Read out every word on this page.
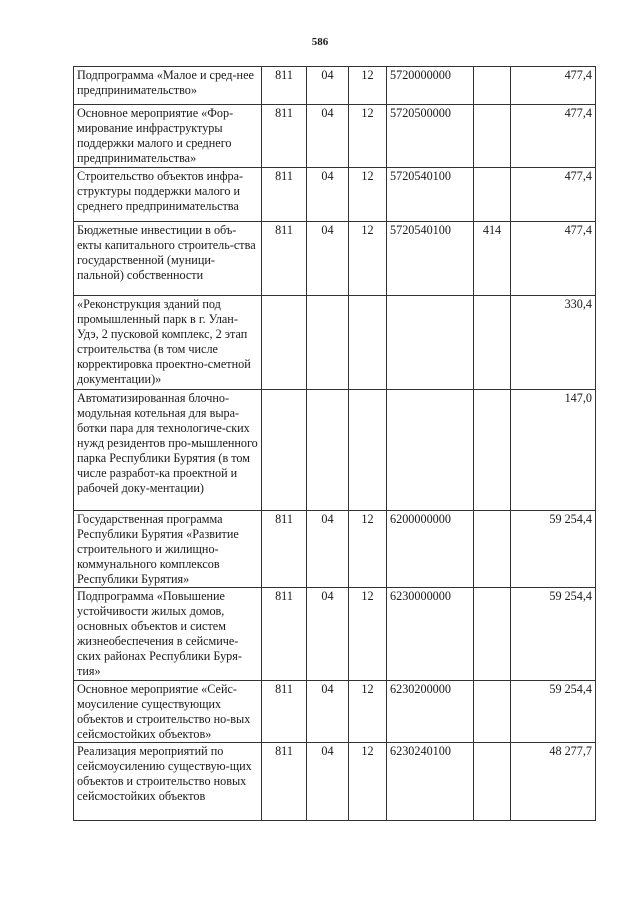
586
Подпрограмма «Малое и сред-нее предпринимательство»	811	04	12	5720000000		477,4
Основное мероприятие «Фор-мирование инфраструктуры поддержки малого и среднего предпринимательства»	811	04	12	5720500000		477,4
Строительство объектов инфра-структуры поддержки малого и среднего предпринимательства	811	04	12	5720540100		477,4
Бюджетные инвестиции в объ-екты капитального строитель-ства государственной (муници-пальной) собственности	811	04	12	5720540100	414	477,4
«Реконструкция зданий под промышленный парк в г. Улан-Удэ, 2 пусковой комплекс, 2 этап строительства (в том числе корректировка проектно-сметной документации)»						330,4
Автоматизированная блочно-модульная котельная для выра-ботки пара для технологиче-ских нужд резидентов про-мышленного парка Республики Бурятия (в том числе разработ-ка проектной и рабочей доку-ментации)						147,0
Государственная программа Республики Бурятия «Развитие строительного и жилищно-коммунального комплексов Республики Бурятия»	811	04	12	6200000000		59 254,4
Подпрограмма «Повышение устойчивости жилых домов, основных объектов и систем жизнеобеспечения в сейсмиче-ских районах Республики Буря-тия»	811	04	12	6230000000		59 254,4
Основное мероприятие «Сейс-моусиление существующих объектов и строительство но-вых сейсмостойких объектов»	811	04	12	6230200000		59 254,4
Реализация мероприятий по сейсмоусилению существую-щих объектов и строительство новых сейсмостойких объектов	811	04	12	6230240100		48 277,7
